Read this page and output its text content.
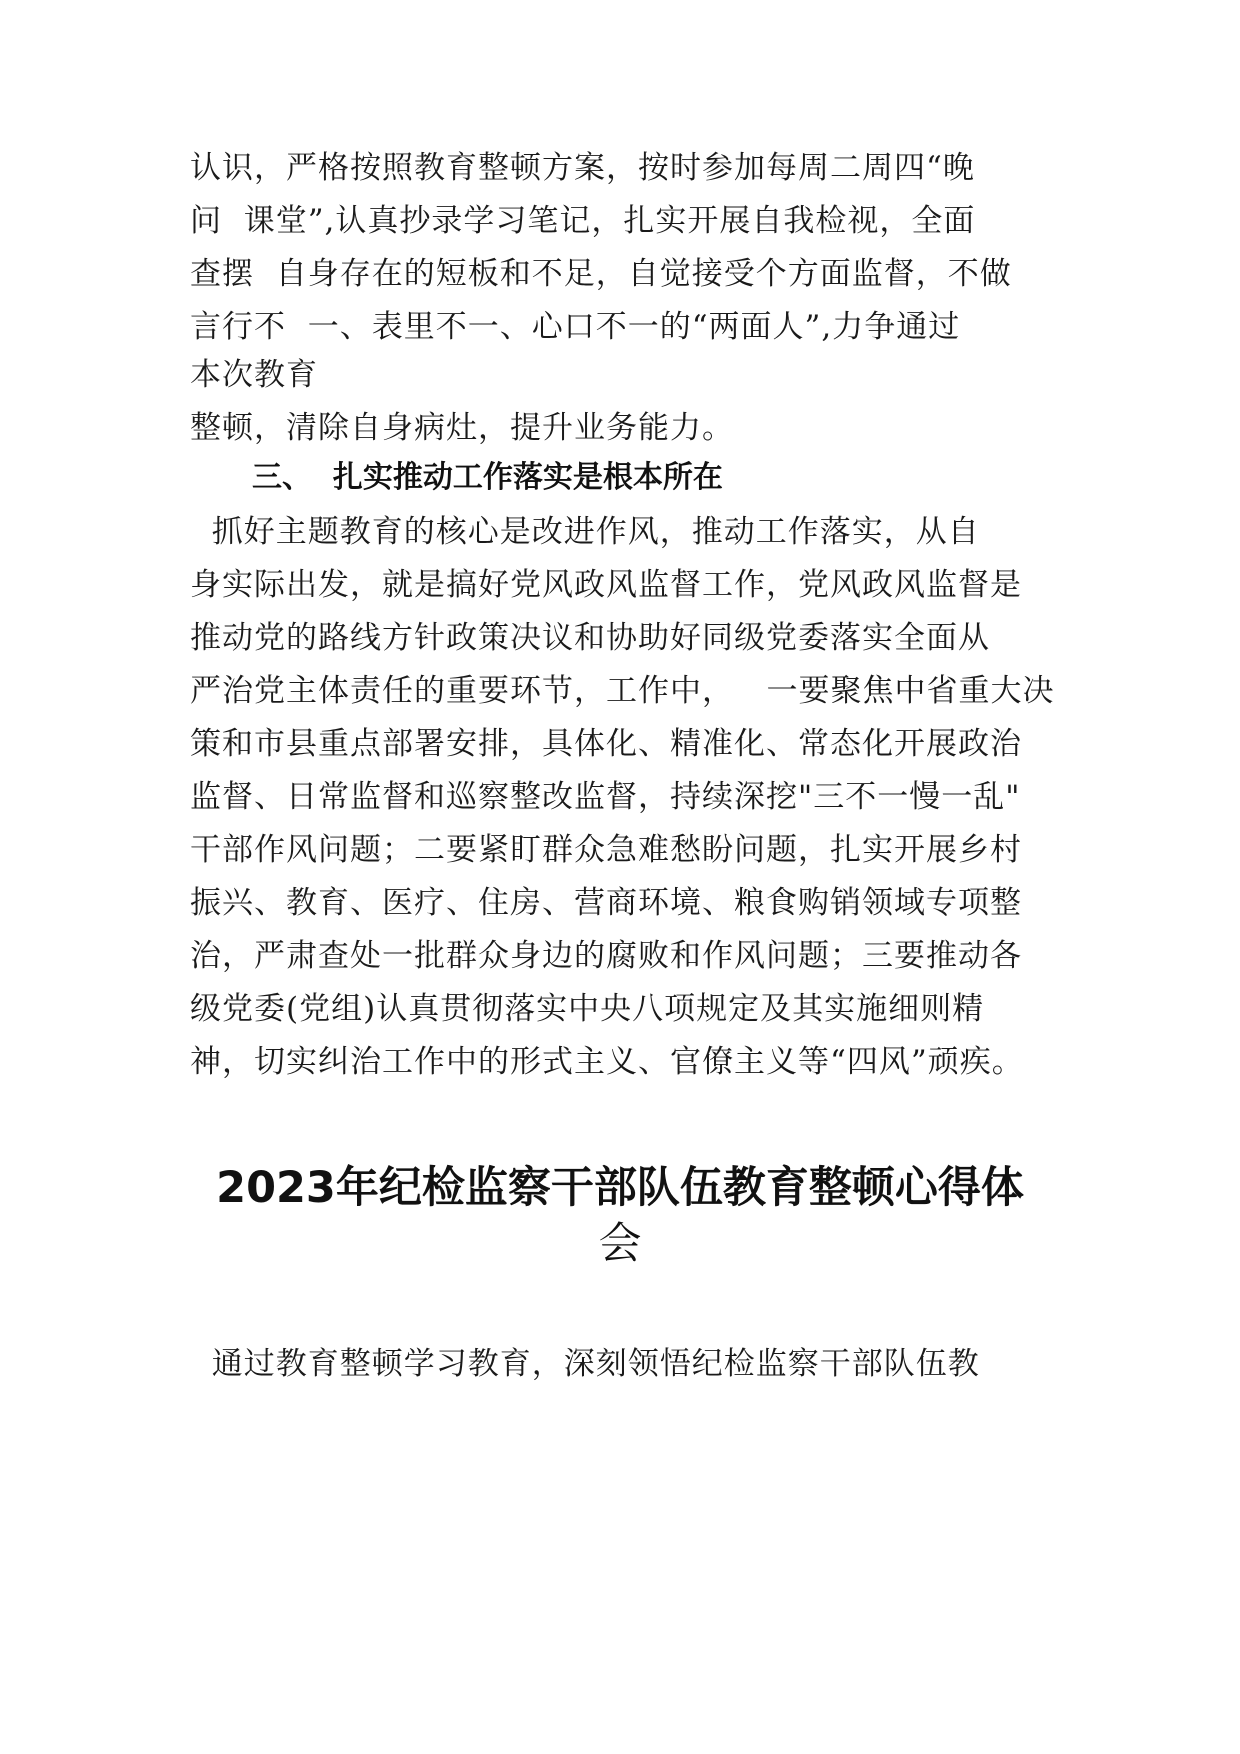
认识，严格按照教育整顿方案，按时参加每周二周四“晚
问  课堂”,认真抄录学习笔记，扎实开展自我检视，全面
查摆  自身存在的短板和不足，自觉接受个方面监督，不做
言行不  一、表里不一、心口不一的“两面人”,力争通过
本次教育
整顿，清除自身病灶，提升业务能力。
三、  扎实推动工作落实是根本所在
抓好主题教育的核心是改进作风，推动工作落实，从自
身实际出发，就是搞好党风政风监督工作，党风政风监督是
推动党的路线方针政策决议和协助好同级党委落实全面从
严治党主体责任的重要环节，工作中，   一要聚焦中省重大决
策和市县重点部署安排，具体化、精准化、常态化开展政治
监督、日常监督和巡察整改监督，持续深挖"三不一慢一乱"
干部作风问题；二要紧盯群众急难愁盼问题，扎实开展乡村
振兴、教育、医疗、住房、营商环境、粮食购销领域专项整
治，严肃查处一批群众身边的腐败和作风问题；三要推动各
级党委(党组)认真贯彻落实中央八项规定及其实施细则精
神，切实纠治工作中的形式主义、官僚主义等“四风”顽疾。
2023年纪检监察干部队伍教育整顿心得体
会
通过教育整顿学习教育，深刻领悟纪检监察干部队伍教
